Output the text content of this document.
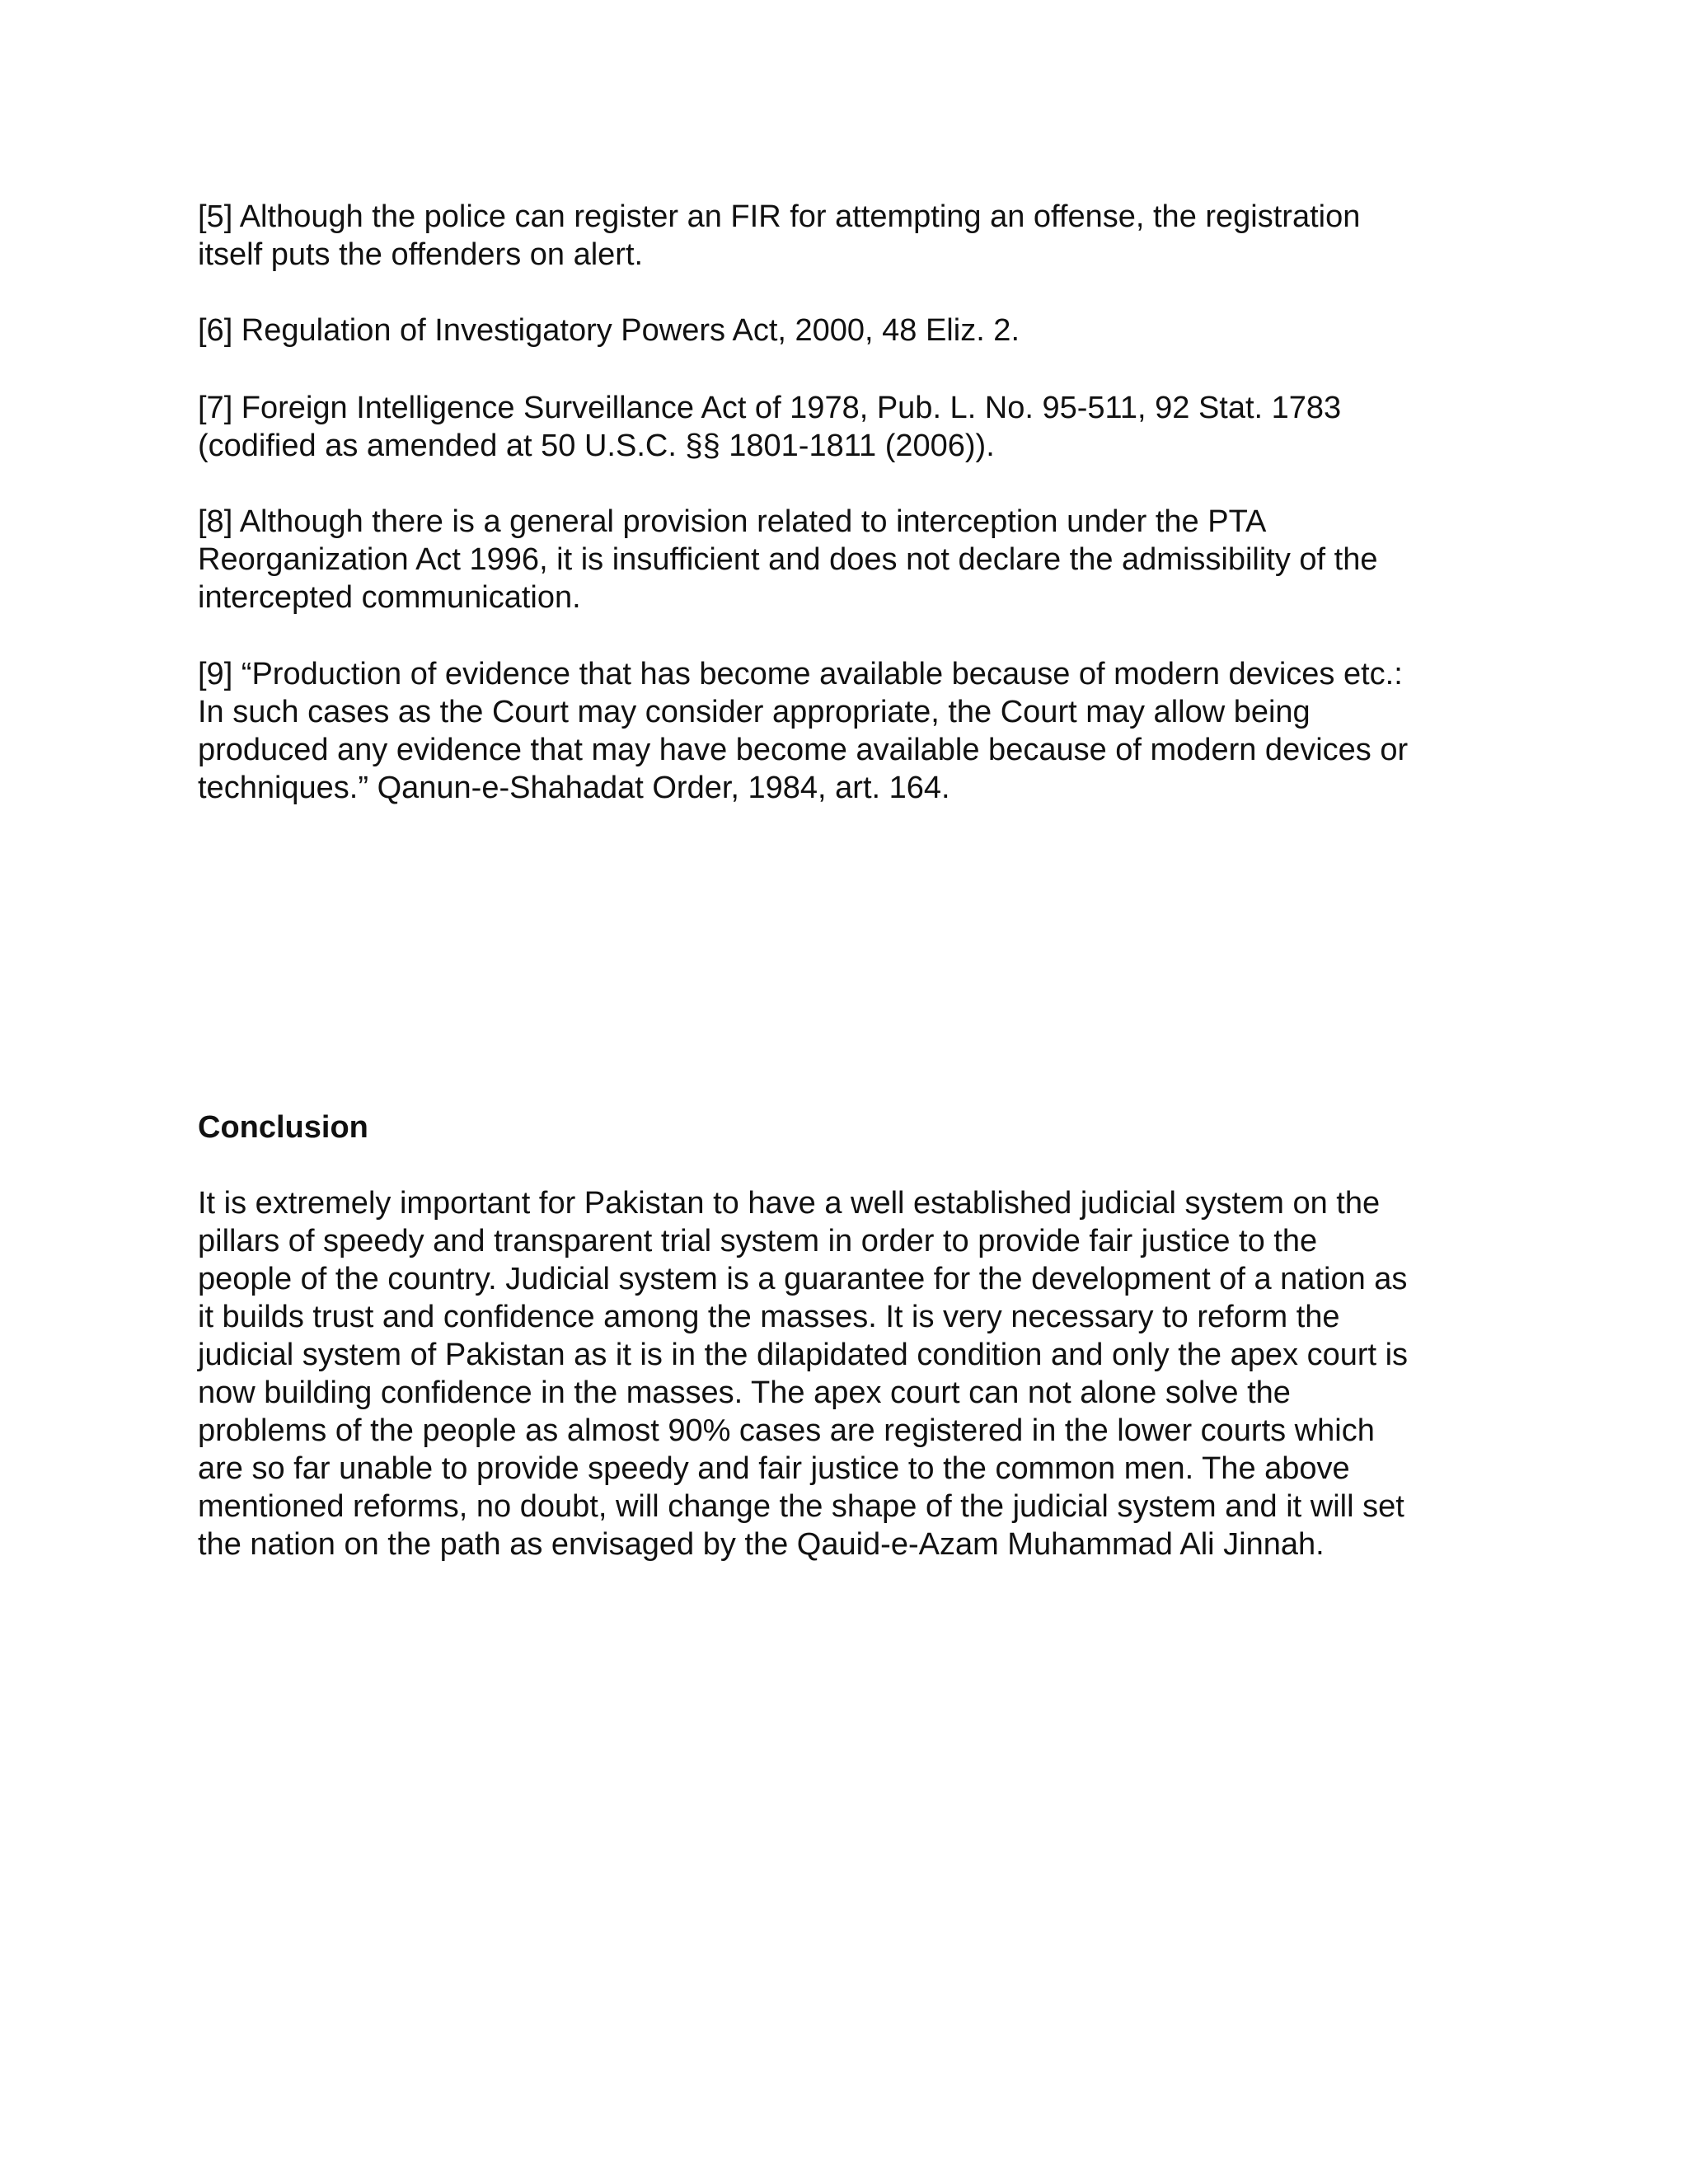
[5] Although the police can register an FIR for attempting an offense, the registration
itself puts the offenders on alert.
[6] Regulation of Investigatory Powers Act, 2000, 48 Eliz. 2.
[7] Foreign Intelligence Surveillance Act of 1978, Pub. L. No. 95-511, 92 Stat. 1783
(codified as amended at 50 U.S.C. §§ 1801-1811 (2006)).
[8] Although there is a general provision related to interception under the PTA
Reorganization Act 1996, it is insufficient and does not declare the admissibility of the
intercepted communication.
[9] “Production of evidence that has become available because of modern devices etc.:
In such cases as the Court may consider appropriate, the Court may allow being
produced any evidence that may have become available because of modern devices or
techniques.” Qanun-e-Shahadat Order, 1984, art. 164.
Conclusion
It is extremely important for Pakistan to have a well established judicial system on the
pillars of speedy and transparent trial system in order to provide fair justice to the
people of the country. Judicial system is a guarantee for the development of a nation as
it builds trust and confidence among the masses. It is very necessary to reform the
judicial system of Pakistan as it is in the dilapidated condition and only the apex court is
now building confidence in the masses. The apex court can not alone solve the
problems of the people as almost 90% cases are registered in the lower courts which
are so far unable to provide speedy and fair justice to the common men. The above
mentioned reforms, no doubt, will change the shape of the judicial system and it will set
the nation on the path as envisaged by the Qauid-e-Azam Muhammad Ali Jinnah.
